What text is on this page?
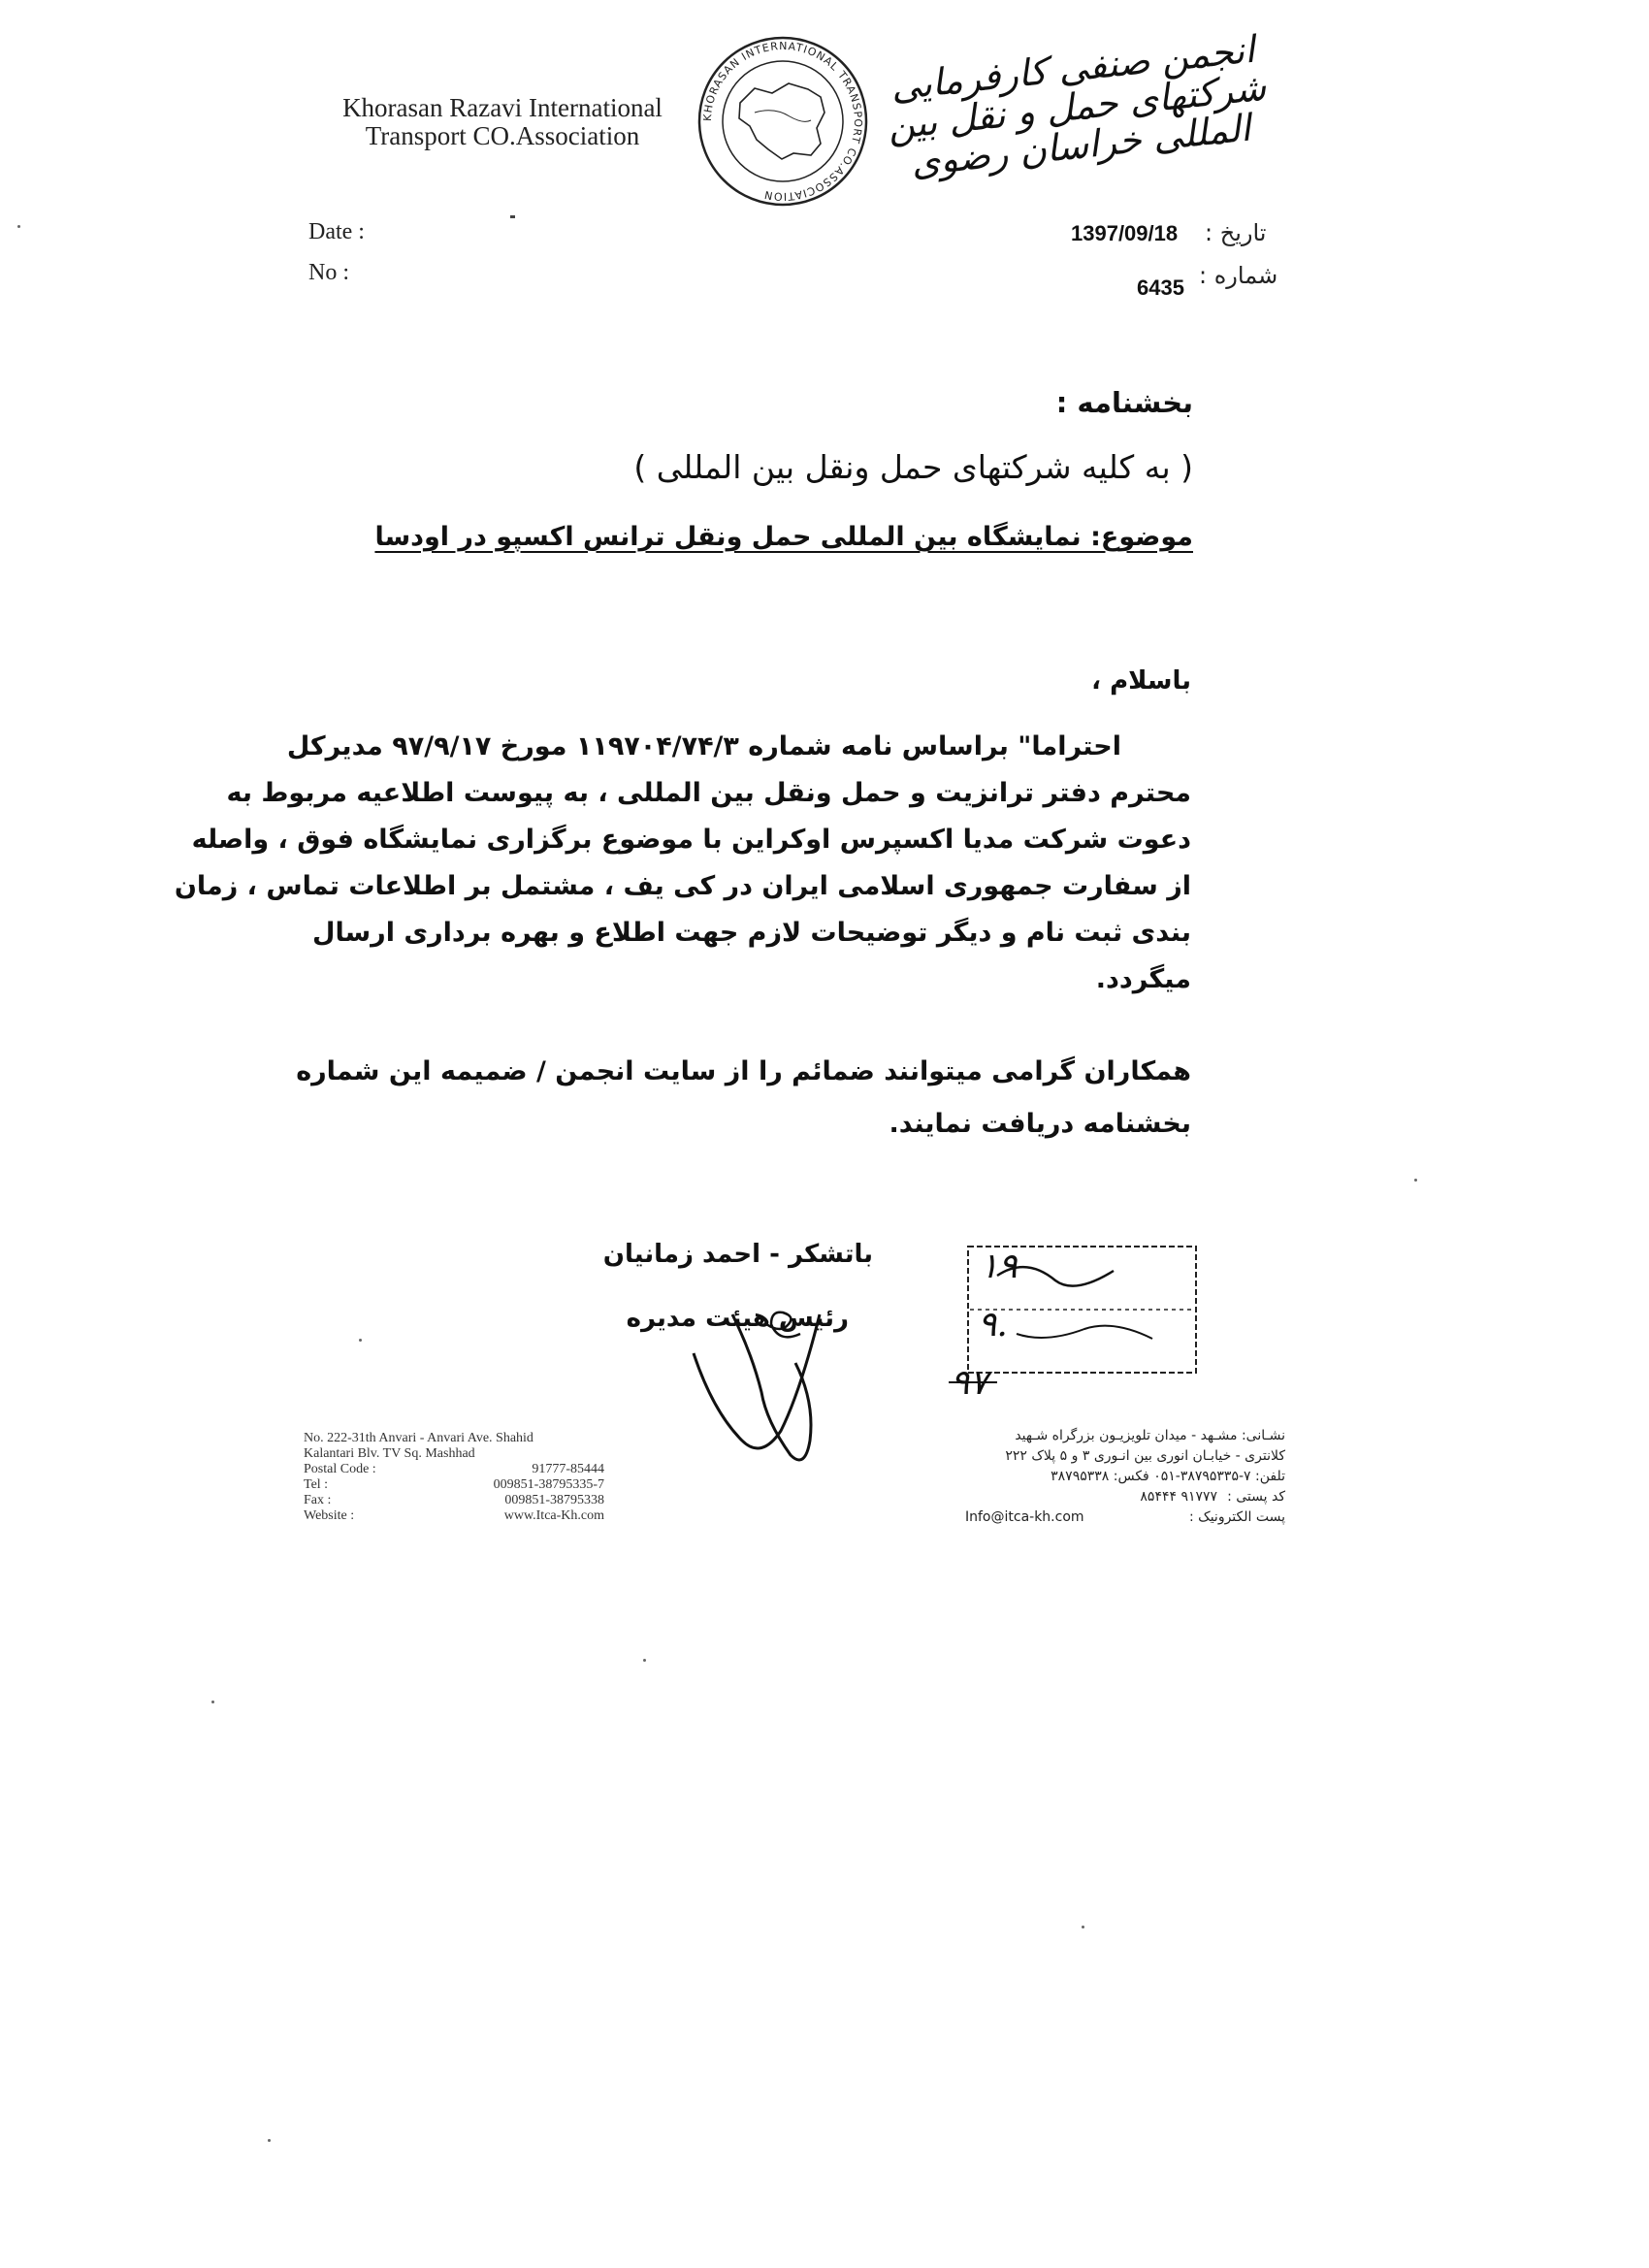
Khorasan Razavi International
Transport CO.Association
KHORASAN INTERNATIONAL TRANSPORT CO.ASSOCIATION
انجمن صنفی کارفرمایی شرکتهای حمل و نقل بین المللی خراسان رضوی
Date :
No :
1397/09/18 تاریخ :
6435 شماره :
بخشنامه :
( به کلیه شرکتهای حمل ونقل بین المللی )
موضوع: نمایشگاه بین المللی حمل ونقل ترانس اکسپو در اودسا
باسلام ،
احتراما" براساس نامه شماره ۱۱۹۷۰۴/۷۴/۳ مورخ ۹۷/۹/۱۷ مدیرکل
محترم دفتر ترانزیت و حمل ونقل بین المللی ، به پیوست اطلاعیه مربوط به
دعوت شرکت مدیا اکسپرس اوکراین با موضوع برگزاری نمایشگاه فوق ، واصله
از سفارت جمهوری اسلامی ایران در کی یف ، مشتمل بر اطلاعات تماس ، زمان
بندی ثبت نام و دیگر توضیحات لازم جهت اطلاع و بهره برداری ارسال
میگردد.
همکاران گرامی میتوانند ضمائم را از سایت انجمن / ضمیمه این شماره
بخشنامه دریافت نمایند.
باتشکر - احمد زمانیان
رئیس هیئت مدیره
۱۹
۹.
۹۷
No. 222-31th Anvari - Anvari Ave. Shahid
Kalantari Blv. TV Sq. Mashhad
Postal Code :	91777-85444
Tel :	009851-38795335-7
Fax :	009851-38795338
Website :	www.Itca-Kh.com
نشـانی: مشـهد - میدان تلویزیـون بزرگراه شـهید
کلانتری - خیابـان انوری بین انـوری ۳ و ۵ پلاک ۲۲۲
تلفن: ۷-۳۸۷۹۵۳۳۵-۰۵۱ فکس: ۳۸۷۹۵۳۳۸
کد پستی :
۹۱۷۷۷ ۸۵۴۴۴
پست الکترونیک :
Info@itca-kh.com
